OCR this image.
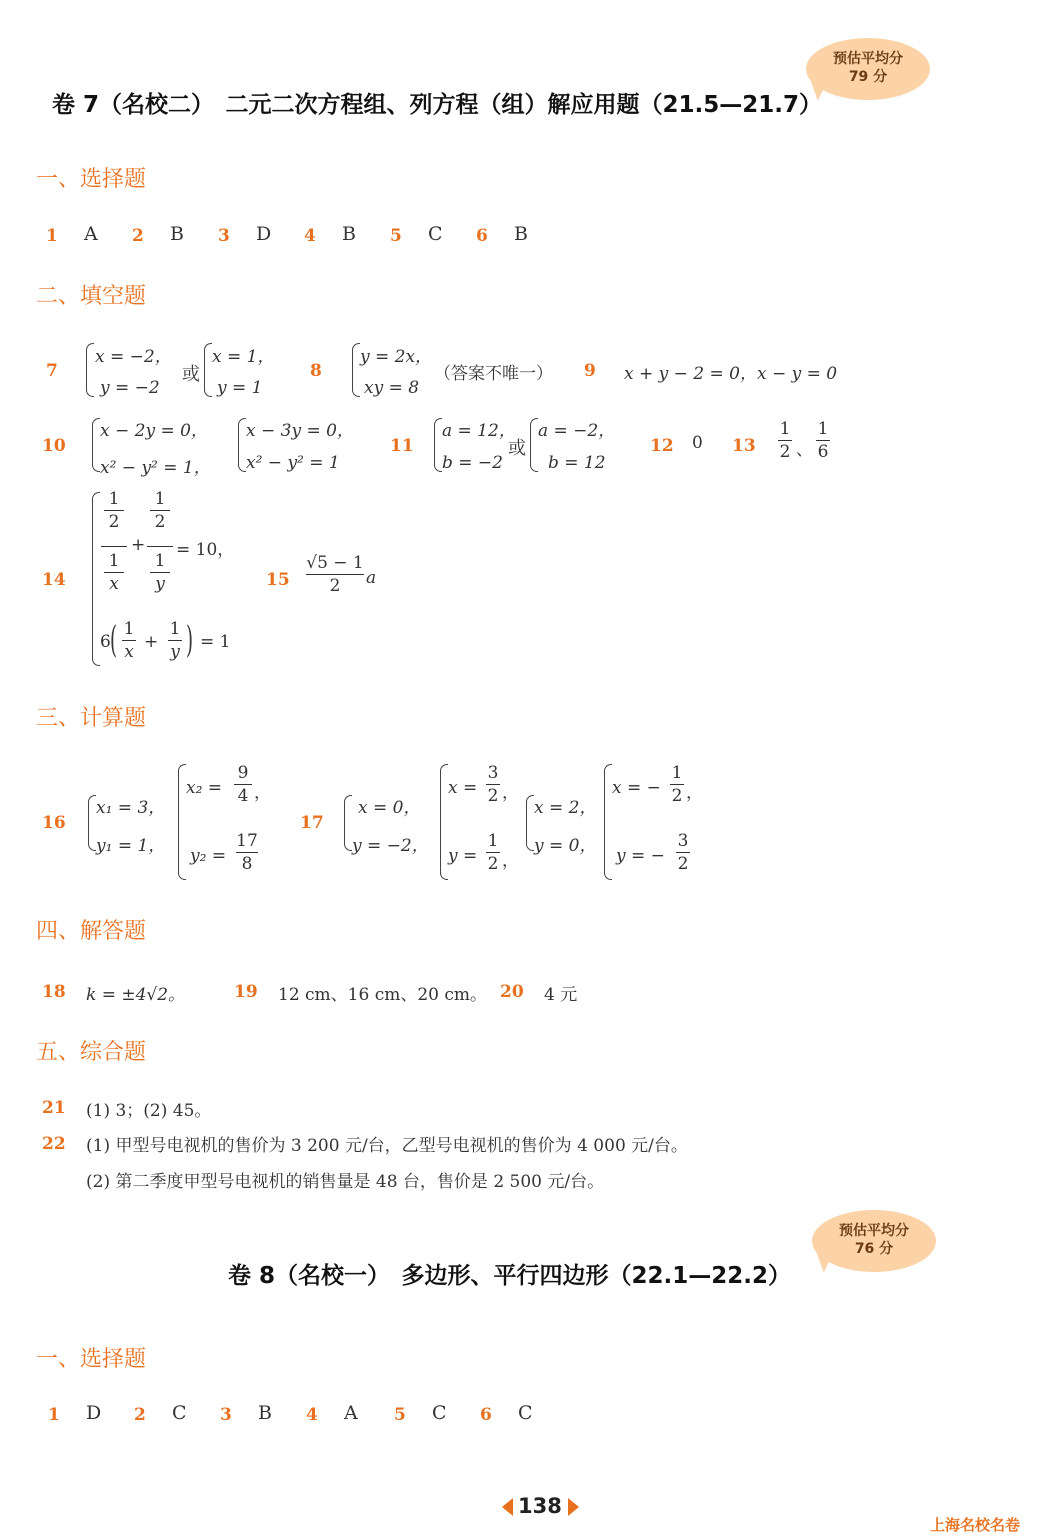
卷 7（名校二）　二元二次方程组、列方程（组）解应用题（21.5—21.7）
预估平均分
79 分
一、选择题
1 A 2 B 3 D 4 B 5 C 6 B
二、填空题
7
x = −2，
y = −2
或
x = 1，
y = 1
8
y = 2x，
xy = 8
（答案不唯一） 9 x + y − 2 = 0，x − y = 0
10
x − 2y = 0，
x² − y² = 1，
x − 3y = 0，
x² − y² = 1
11
a = 12，
b = −2
或
a = −2，
b = 12
12 0 13
1
2 、
1
6
14
1
2
1
x
+
1
2
1
y
= 10，
6 ( 1
x +
1
y ) = 1
15
√5 − 1
2 a
三、计算题
16
x₁ = 3，
y₁ = 1，
x₂ =
9
4 ，
y₂ =
17
8
17
x = 0，
y = −2，
x =
3
2 ，
y =
1
2 ，
x = 2，
y = 0，
x = −
1
2 ，
y = −
3
2
四、解答题
18 k = ±4√2。	19 12 cm、16 cm、20 cm。 20 4 元
五、综合题
21 (1) 3；(2) 45。
22 (1) 甲型号电视机的售价为 3 200 元/台，乙型号电视机的售价为 4 000 元/台。
(2) 第二季度甲型号电视机的销售量是 48 台，售价是 2 500 元/台。
卷 8（名校一）　多边形、平行四边形（22.1—22.2）
预估平均分
76 分
一、选择题
1 D 2 C 3 B 4 A 5 C 6 C
138
上海名校名卷
